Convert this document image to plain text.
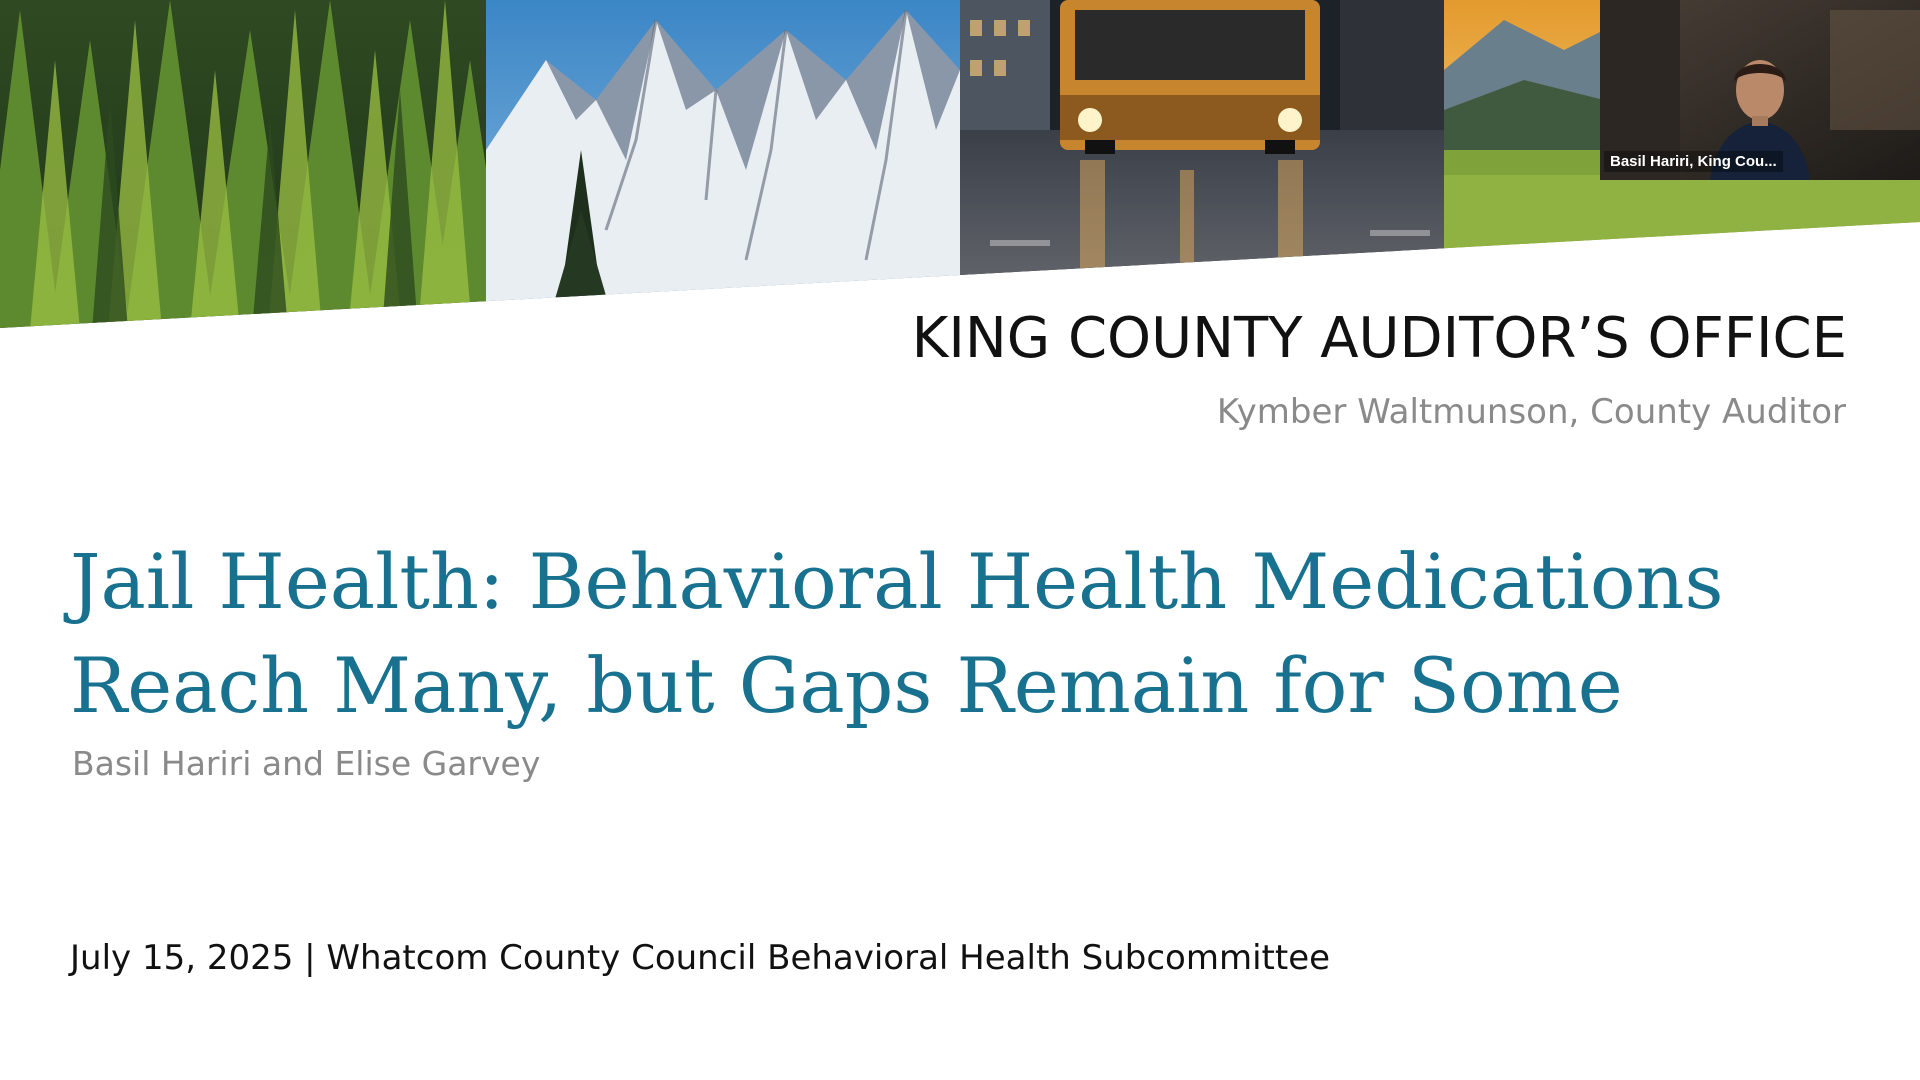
Basil Hariri, King Cou...
KING COUNTY AUDITOR’S OFFICE

Kymber Waltmunson, County Auditor

Jail Health: Behavioral Health Medications
Reach Many, but Gaps Remain for Some

Basil Hariri and Elise Garvey

July 15, 2025 | Whatcom County Council Behavioral Health Subcommittee
